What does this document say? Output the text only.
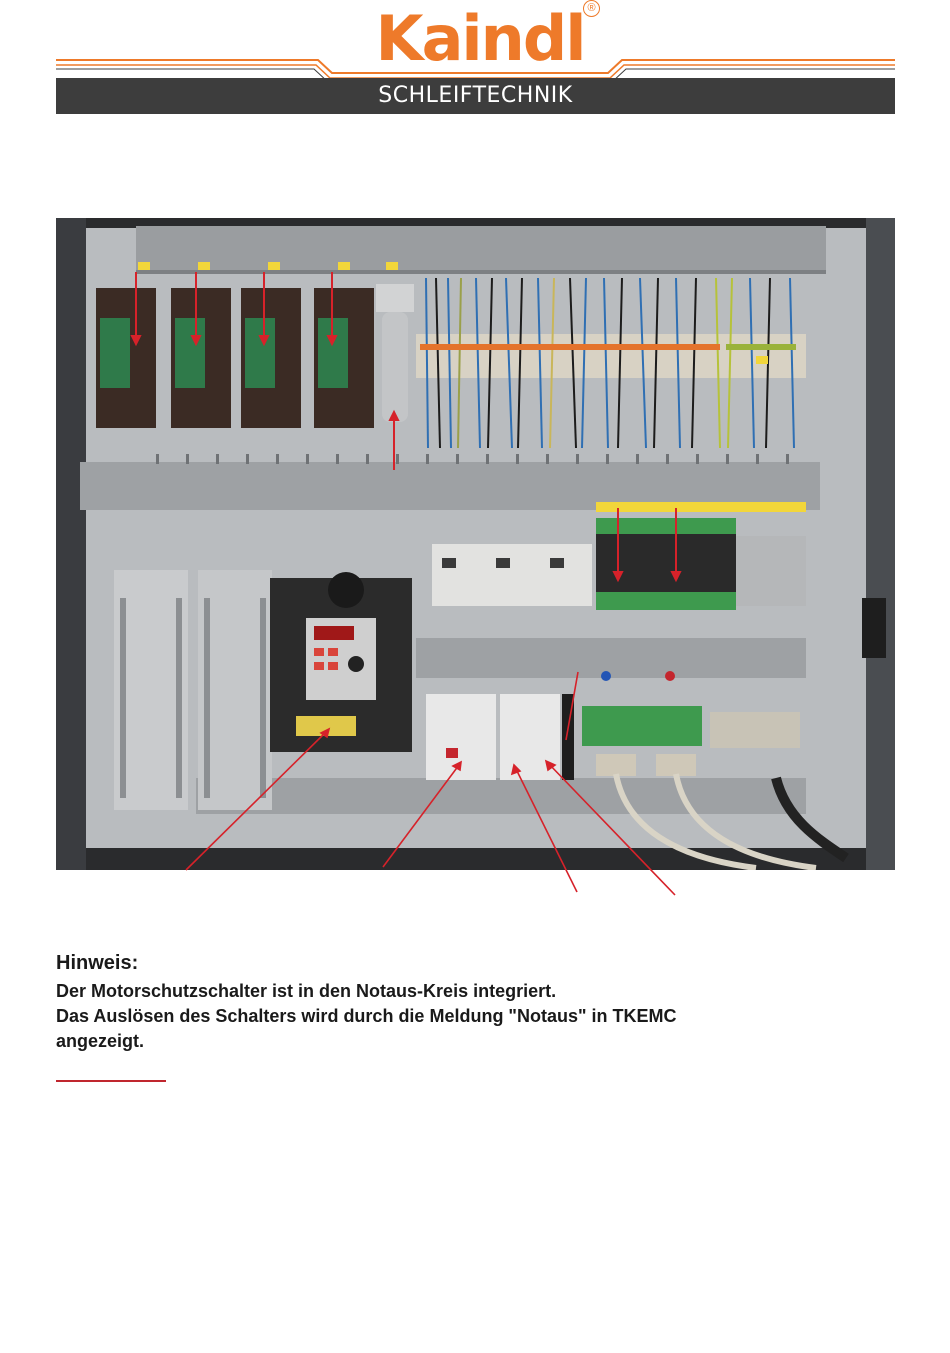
Kaindl ®
SCHLEIFTECHNIK
Hinweis:
Der Motorschutzschalter ist in den Notaus-Kreis integriert.
Das Auslösen des Schalters wird durch die Meldung "Notaus" in TKEMC
angezeigt.
